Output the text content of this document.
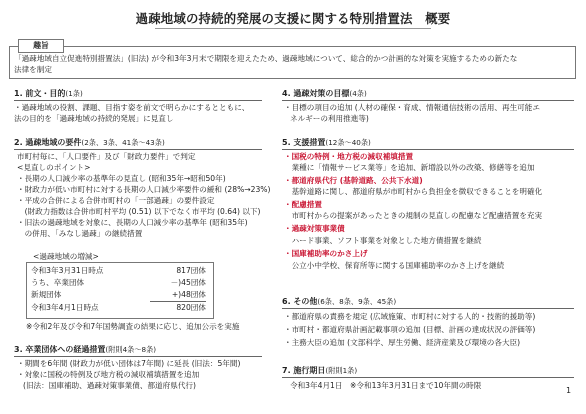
過疎地域の持続的発展の支援に関する特別措置法　概要
趣旨
「過疎地域自立促進特別措置法」(旧法) が令和3年3月末で期限を迎えたため、過疎地域について、総合的かつ計画的な対策を実施するための新たな
法律を制定
1. 前文・目的(1条)
・過疎地域の役割、課題、目指す姿を前文で明らかにするとともに、
法の目的を「過疎地域の持続的発展」に見直し
2. 過疎地域の要件(2条、3条、41条〜43条)
市町村毎に、「人口要件」及び「財政力要件」で判定
<見直しのポイント>
・長期の人口減少率の基準年の見直し (昭和35年→昭和50年)
・財政力が低い市町村に対する長期の人口減少率要件の緩和 (28%→23%)
・平成の合併による合併市町村の「一部過疎」の要件設定
　(財政力指数は合併市町村平均 (0.51) 以下でなく市平均 (0.64) 以下)
・旧法の過疎地域を対象に、長期の人口減少率の基準年 (昭和35年)
　の併用、「みなし過疎」の継続措置
<過疎地域の増減>
令和3年3月31日時点	817団体
うち、卒業団体	－)45団体
新規団体	+)48団体
令和3年4月1日時点	820団体
※令和2年及び令和7年国勢調査の結果に応じ、追加公示を実施
3. 卒業団体への経過措置(附則4条〜8条)
・期間を6年間 (財政力が低い団体は7年間) に延長 (旧法：5年間)
・対象に国税の特例及び地方税の減収補填措置を追加
(旧法：国庫補助、過疎対策事業債、都道府県代行)
4. 過疎対策の目標(4条)
・目標の項目の追加 (人材の確保・育成、情報通信技術の活用、再生可能エ
ネルギーの利用推進等)
5. 支援措置(12条〜40条)
・国税の特例・地方税の減収補填措置
　業種に「情報サービス業等」を追加、新増設以外の改築、修繕等を追加
・都道府県代行 (基幹道路、公共下水道)
　基幹道路に関し、都道府県が市町村から負担金を徴収できることを明確化
・配慮措置
　市町村からの提案があったときの規制の見直しの配慮など配慮措置を充実
・過疎対策事業債
　ハード事業、ソフト事業を対象とした地方債措置を継続
・国庫補助率のかさ上げ
　公立小中学校、保育所等に関する国庫補助率のかさ上げを継続
6. その他(6条、8条、9条、45条)
・都道府県の責務を規定 (広域施策、市町村に対する人的・技術的援助等)
・市町村・都道府県計画記載事項の追加 (目標、計画の達成状況の評価等)
・主務大臣の追加 (文部科学、厚生労働、経済産業及び環境の各大臣)
7. 施行期日(附則1条)
令和3年4月1日　※令和13年3月31日まで10年間の時限
1
